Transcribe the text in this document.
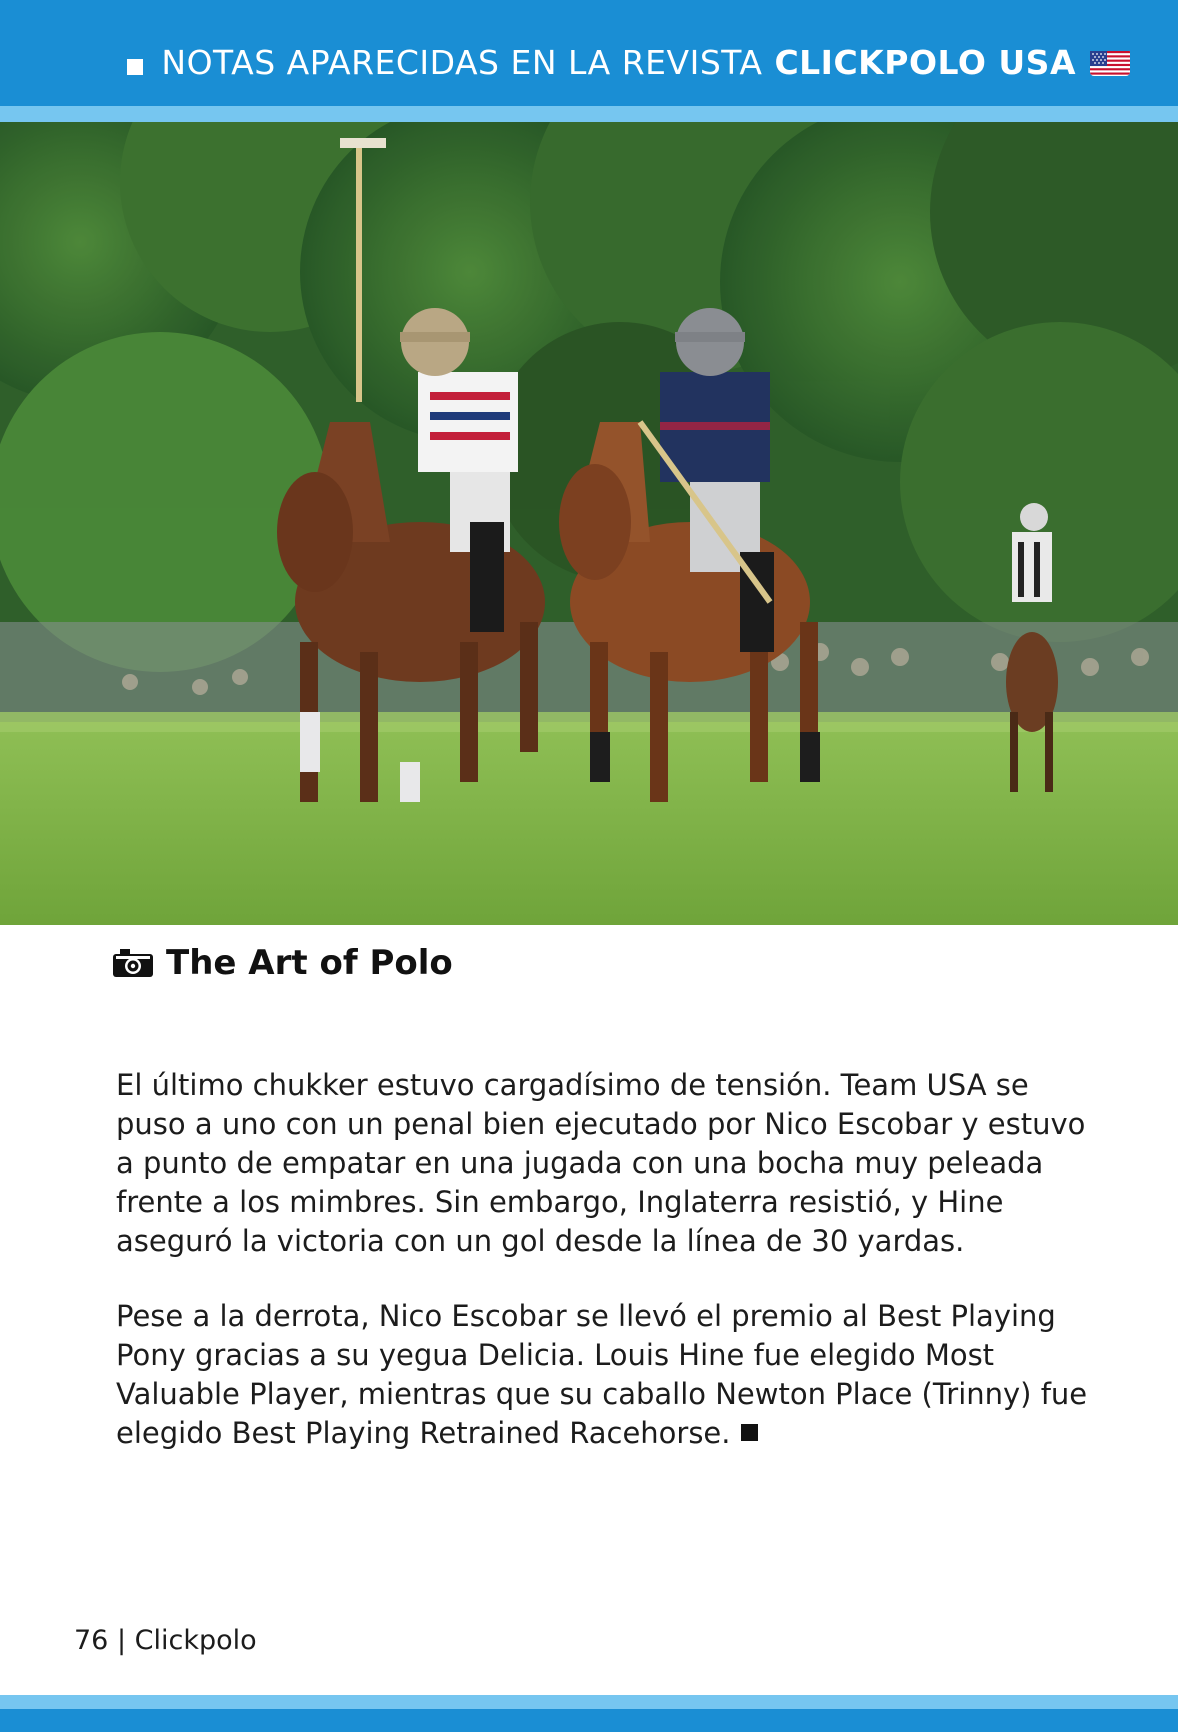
NOTAS APARECIDAS EN LA REVISTA CLICKPOLO USA
The Art of Polo

El último chukker estuvo cargadísimo de tensión. Team USA se puso a uno con un penal bien ejecutado por Nico Escobar y estuvo a punto de empatar en una jugada con una bocha muy peleada frente a los mimbres. Sin embargo, Inglaterra resistió, y Hine aseguró la victoria con un gol desde la línea de 30 yardas.

Pese a la derrota, Nico Escobar se llevó el premio al Best Playing Pony gracias a su yegua Delicia. Louis Hine fue elegido Most Valuable Player, mientras que su caballo Newton Place (Trinny) fue elegido Best Playing Retrained Racehorse.

76 | Clickpolo
